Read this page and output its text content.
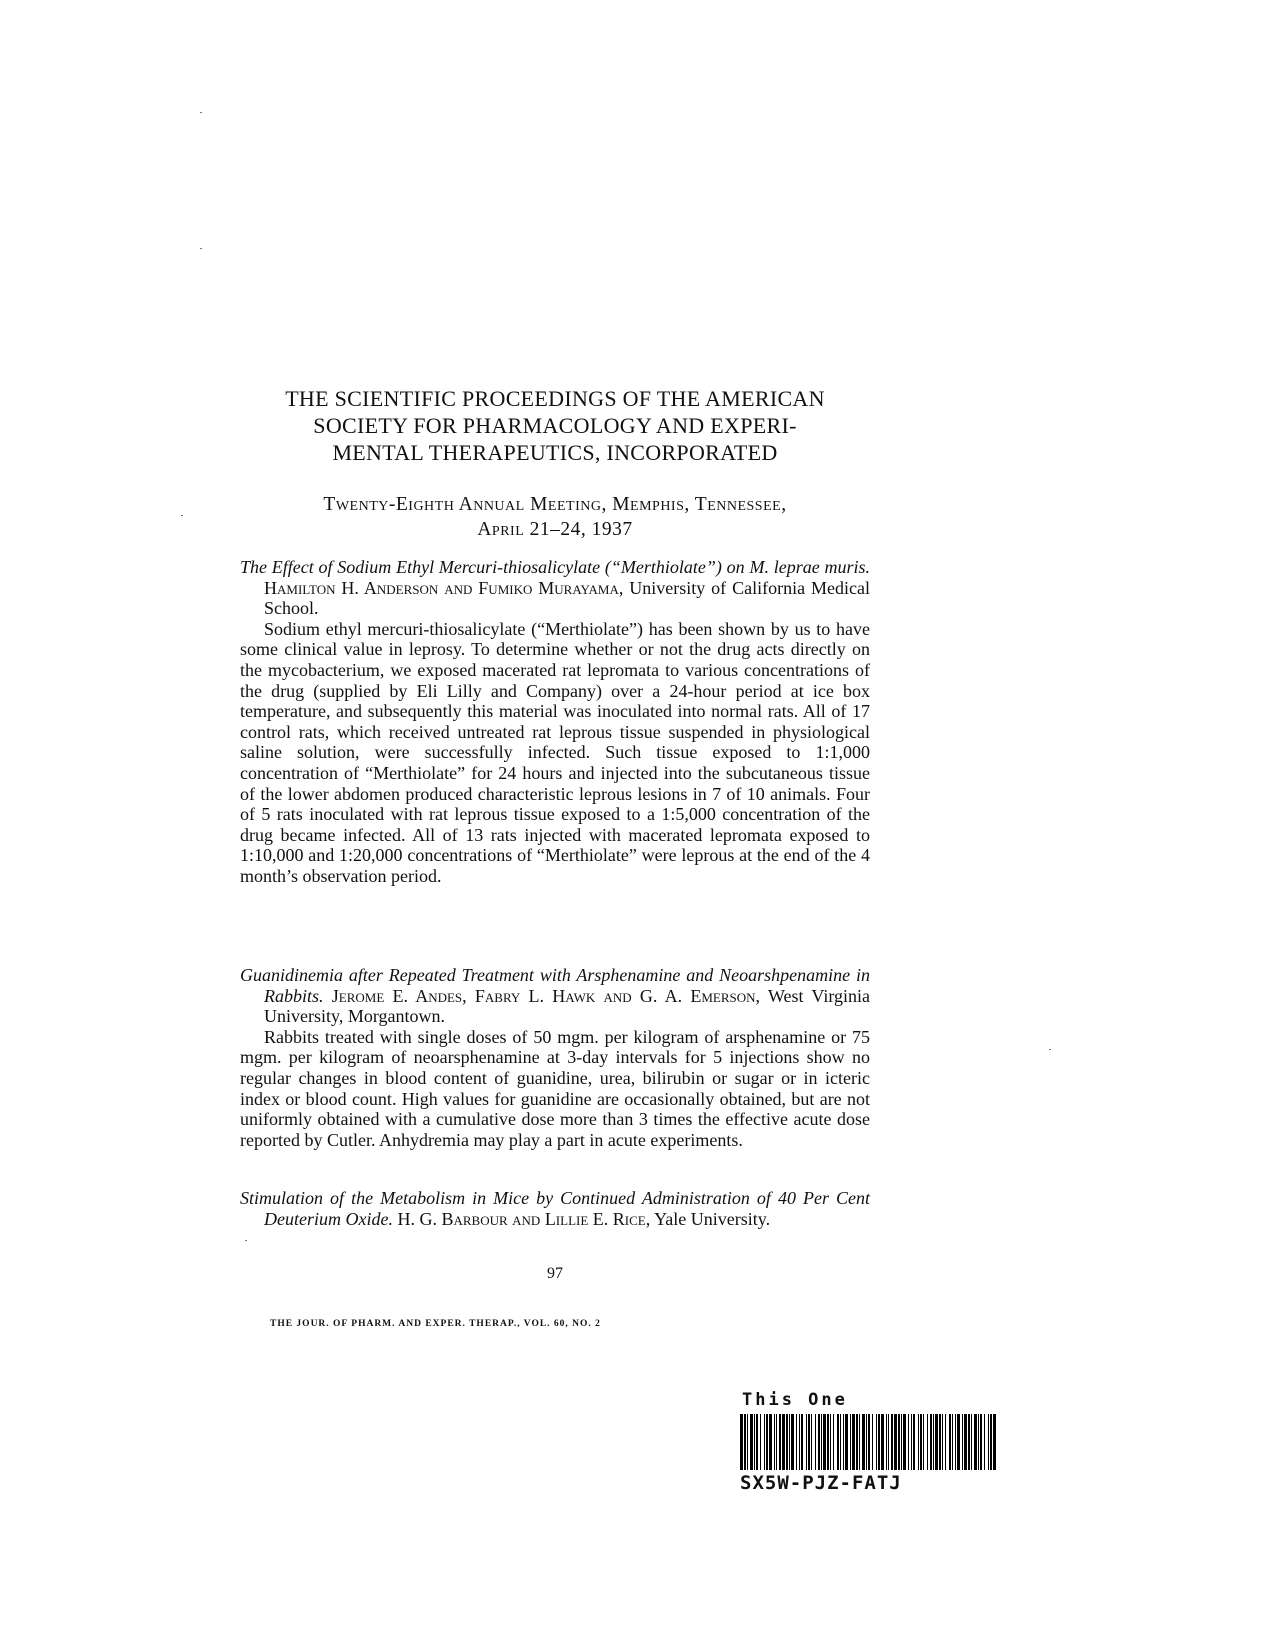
THE SCIENTIFIC PROCEEDINGS OF THE AMERICAN
SOCIETY FOR PHARMACOLOGY AND EXPERI-
MENTAL THERAPEUTICS, INCORPORATED
Twenty-Eighth Annual Meeting, Memphis, Tennessee,
April 21–24, 1937
The Effect of Sodium Ethyl Mercuri-thiosalicylate (“Merthiolate”) on M. leprae muris. Hamilton H. Anderson and Fumiko Murayama, University of California Medical School.

Sodium ethyl mercuri-thiosalicylate (“Merthiolate”) has been shown by us to have some clinical value in leprosy. To determine whether or not the drug acts directly on the mycobacterium, we exposed macerated rat lepromata to various concentrations of the drug (supplied by Eli Lilly and Company) over a 24-hour period at ice box temperature, and subsequently this material was inoculated into normal rats. All of 17 control rats, which received untreated rat leprous tissue suspended in physiological saline solution, were successfully infected. Such tissue exposed to 1:1,000 concentration of “Merthiolate” for 24 hours and injected into the subcutaneous tissue of the lower abdomen produced characteristic leprous lesions in 7 of 10 animals. Four of 5 rats inoculated with rat leprous tissue exposed to a 1:5,000 concentration of the drug became infected. All of 13 rats injected with macerated lepromata exposed to 1:10,000 and 1:20,000 concentrations of “Merthiolate” were leprous at the end of the 4 month’s observation period.

Guanidinemia after Repeated Treatment with Arsphenamine and Neoarshpenamine in Rabbits. Jerome E. Andes, Fabry L. Hawk and G. A. Emerson, West Virginia University, Morgantown.

Rabbits treated with single doses of 50 mgm. per kilogram of arsphenamine or 75 mgm. per kilogram of neoarsphenamine at 3-day intervals for 5 injections show no regular changes in blood content of guanidine, urea, bilirubin or sugar or in icteric index or blood count. High values for guanidine are occasionally obtained, but are not uniformly obtained with a cumulative dose more than 3 times the effective acute dose reported by Cutler. Anhydremia may play a part in acute experiments.

Stimulation of the Metabolism in Mice by Continued Administration of 40 Per Cent Deuterium Oxide. H. G. Barbour and Lillie E. Rice, Yale University.
97
THE JOUR. OF PHARM. AND EXPER. THERAP., VOL. 60, NO. 2
This One
SX5W-PJZ-FATJ
